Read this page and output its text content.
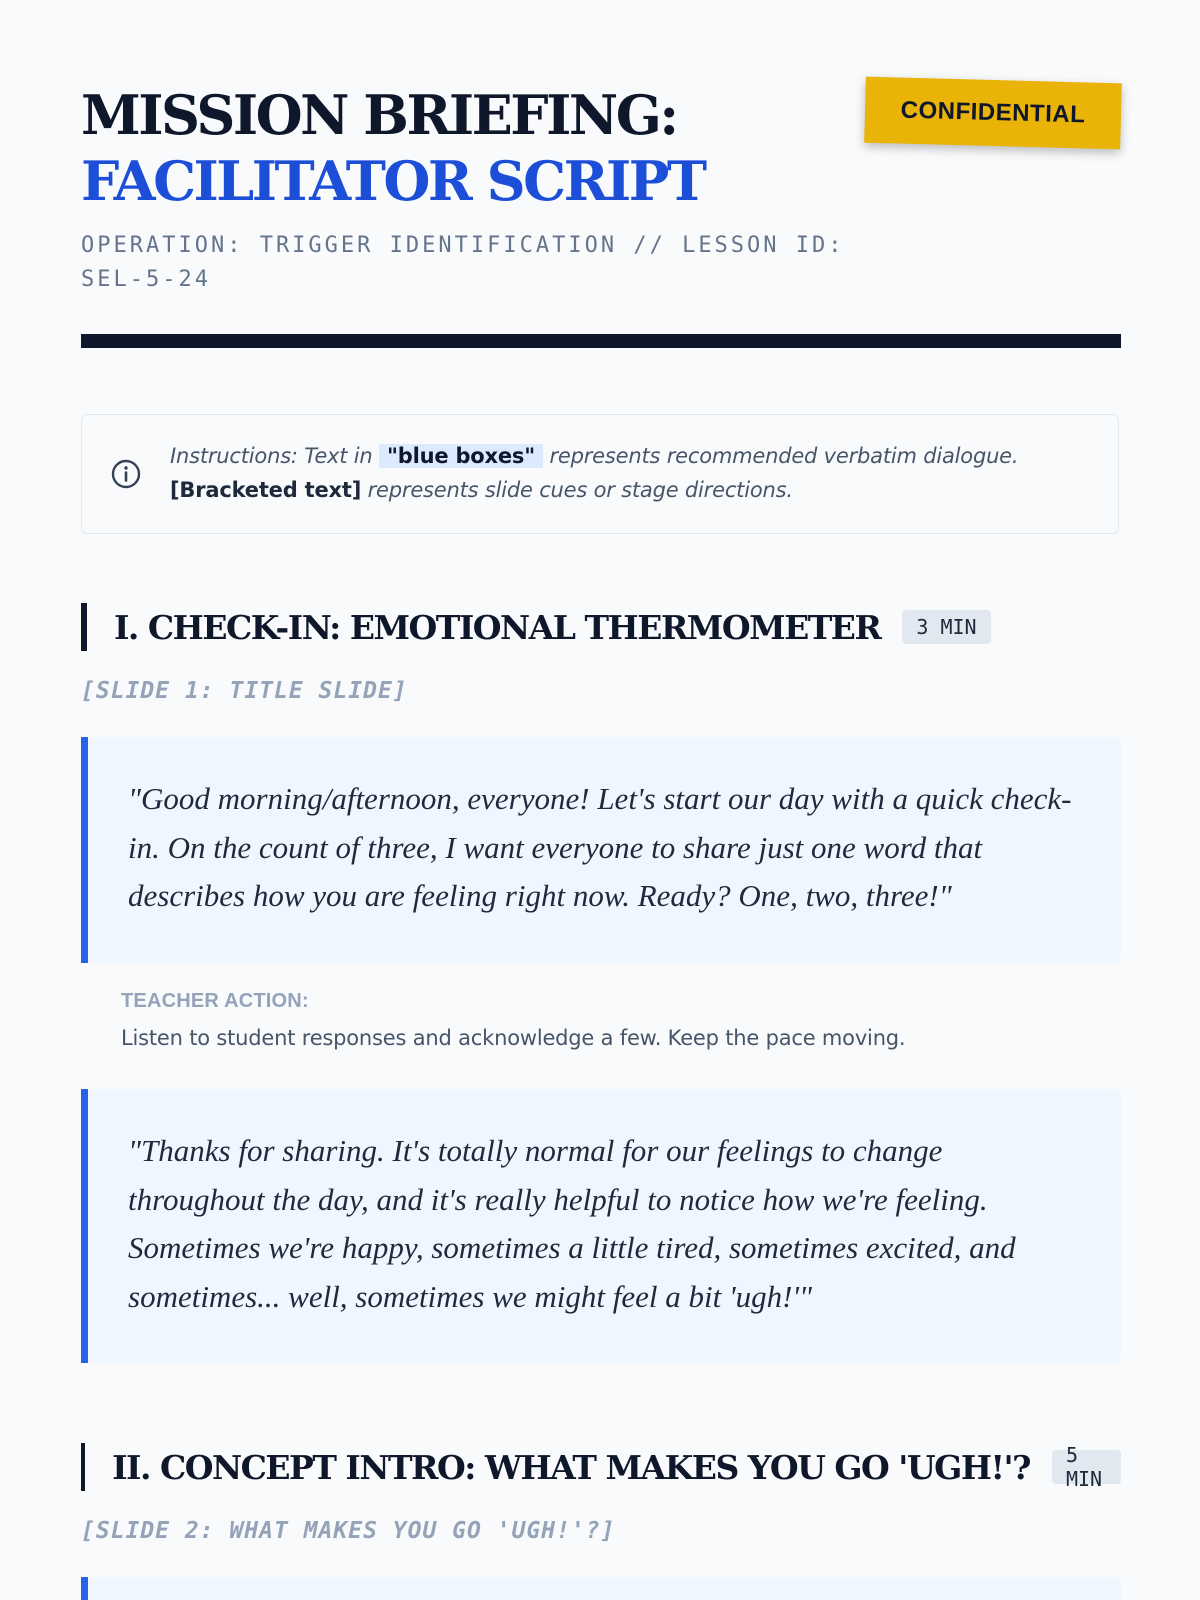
MISSION BRIEFING:
FACILITATOR SCRIPT
CONFIDENTIAL
OPERATION: TRIGGER IDENTIFICATION // LESSON ID: SEL-5-24
Instructions: Text in "blue boxes" represents recommended verbatim dialogue.
[Bracketed text] represents slide cues or stage directions.
I. CHECK-IN: EMOTIONAL THERMOMETER	3 MIN
[SLIDE 1: TITLE SLIDE]

"Good morning/afternoon, everyone! Let's start our day with a quick check-in. On the count of three, I want everyone to share just one word that describes how you are feeling right now. Ready? One, two, three!"

TEACHER ACTION:
Listen to student responses and acknowledge a few. Keep the pace moving.

"Thanks for sharing. It's totally normal for our feelings to change throughout the day, and it's really helpful to notice how we're feeling. Sometimes we're happy, sometimes a little tired, sometimes excited, and sometimes... well, sometimes we might feel a bit 'ugh!'"

II. CONCEPT INTRO: WHAT MAKES YOU GO 'UGH!'?	5 MIN
[SLIDE 2: WHAT MAKES YOU GO 'UGH!'?]
